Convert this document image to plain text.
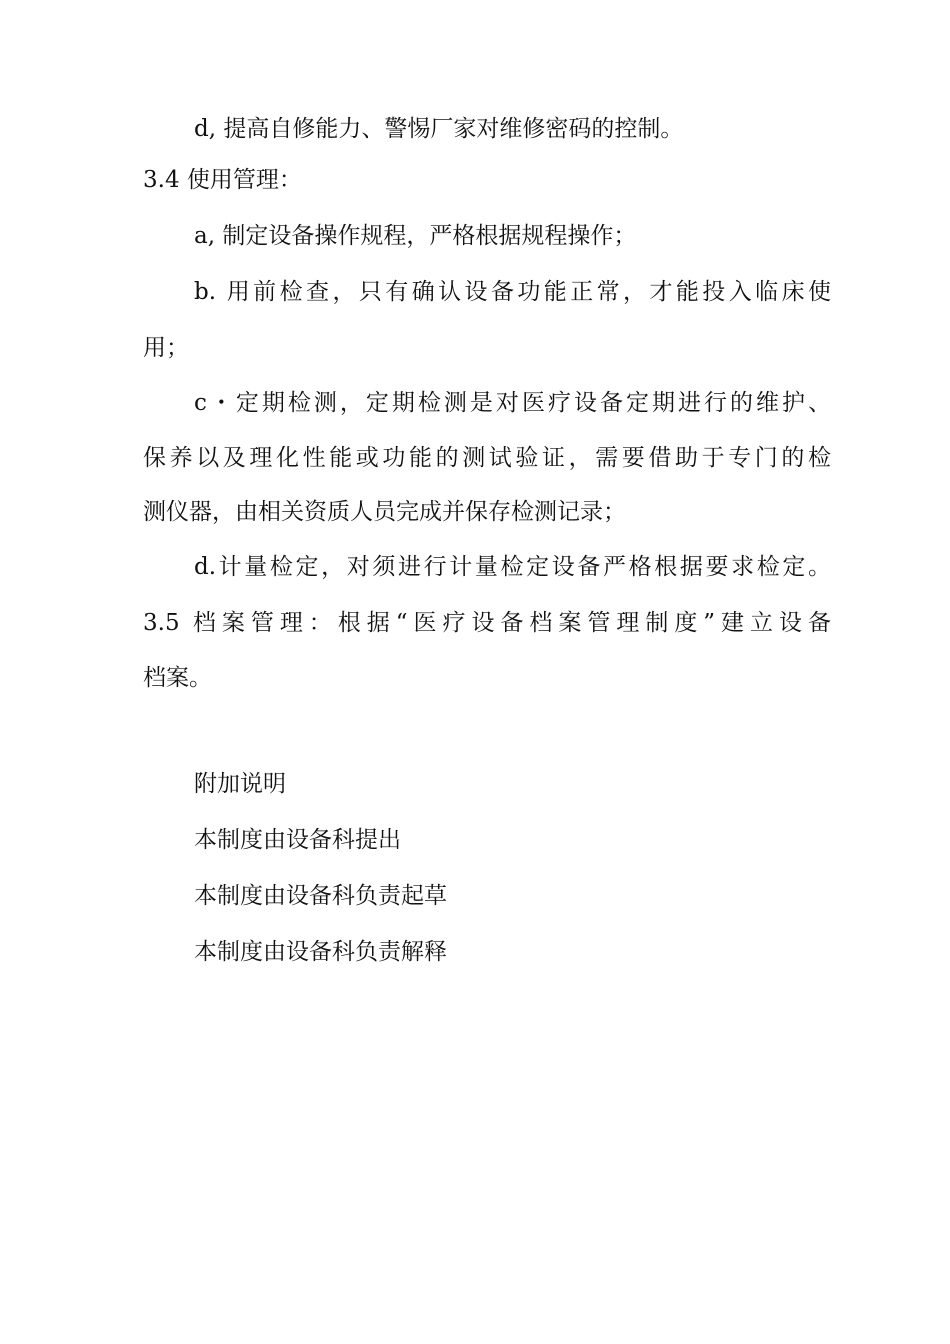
d, 提高自修能力、警惕厂家对维修密码的控制。
3.4 使用管理：
a, 制定设备操作规程，严格根据规程操作；
b. 用前检查，只有确认设备功能正常，才能投入临床使
用；
c・定期检测，定期检测是对医疗设备定期进行的维护、
保养以及理化性能或功能的测试验证，需要借助于专门的检
测仪器，由相关资质人员完成并保存检测记录；
d.计量检定，对须进行计量检定设备严格根据要求检定。
3.5 档案管理：根据“医疗设备档案管理制度”建立设备
档案。
附加说明
本制度由设备科提出
本制度由设备科负责起草
本制度由设备科负责解释
